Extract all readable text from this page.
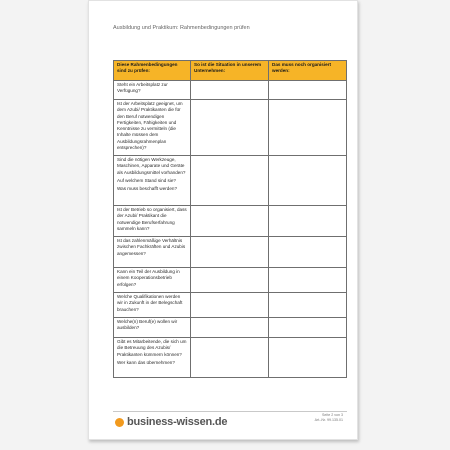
Ausbildung und Praktikum: Rahmenbedingungen prüfen
Diese Rahmenbedingungen sind zu prüfen:	So ist die Situation in unserem Unternehmen:	Das muss noch organisiert werden:

Steht ein Arbeitsplatz zur Verfügung?		

Ist der Arbeitsplatz geeignet, um dem Azubi/ Praktikanten die für den Beruf notwendigen Fertigkeiten, Fähigkeiten und Kenntnisse zu vermitteln (die Inhalte müssen dem Ausbildungsrahmenplan entsprechen)?		

Sind die nötigen Werkzeuge, Maschinen, Apparate und Geräte als Ausbildungsmittel vorhanden?

Auf welchem Stand sind sie?

Was muss beschafft werden?		

Ist der Betrieb so organisiert, dass der Azubi/ Praktikant die notwendige Berufserfahrung sammeln kann?		

Ist das zahlenmäßige Verhältnis zwischen Fachkräften und Azubis angemessen?		

Kann ein Teil der Ausbildung in einem Kooperationsbetrieb erfolgen?		

Welche Qualifikationen werden wir in Zukunft in der Belegschaft brauchen?		

Welche(n) Beruf(e) wollen wir ausbilden?		

Gibt es Mitarbeitende, die sich um die Betreuung des Azubis/ Praktikanten kümmern können?

Wer kann das übernehmen?		

business-wissen.de
Seite 2 von 3
Art.-Nr. 99.135.01
